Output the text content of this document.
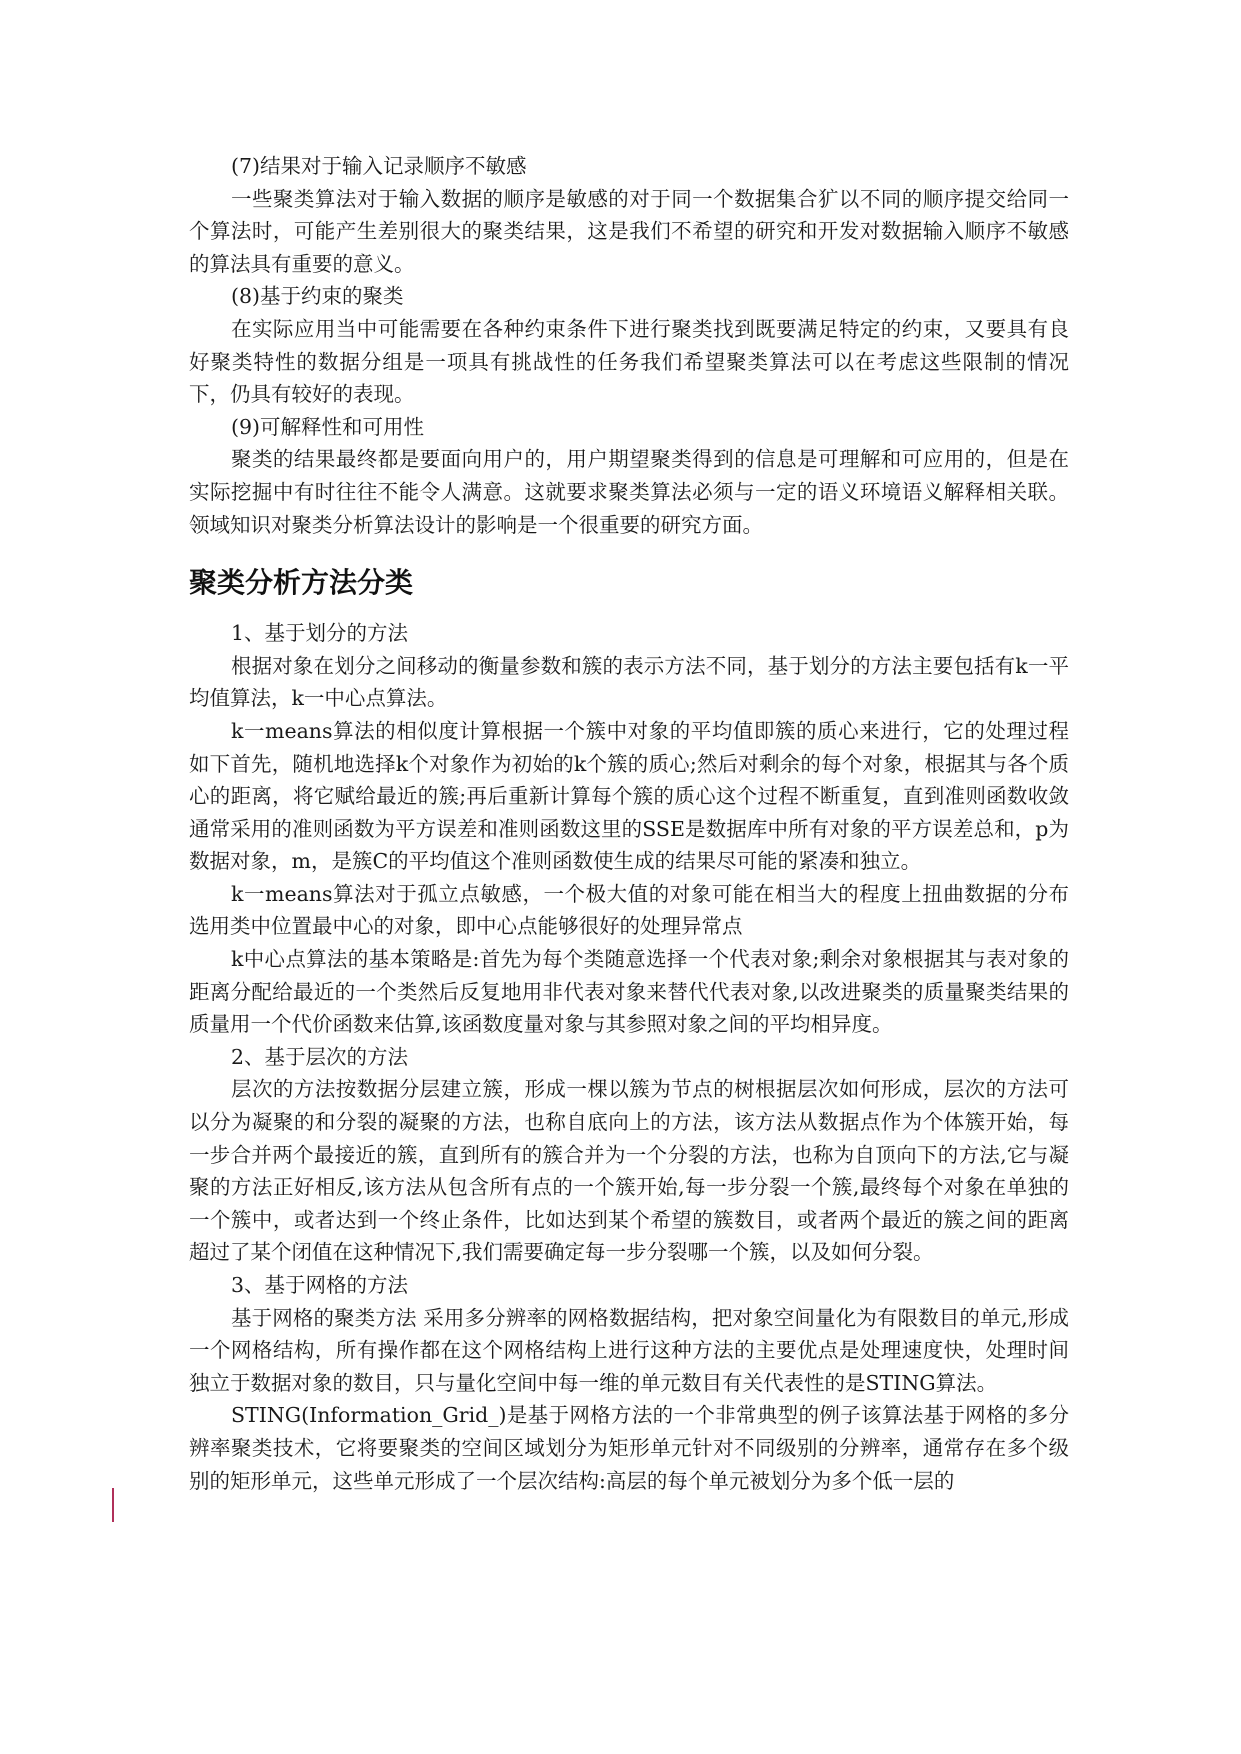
(7)结果对于输入记录顺序不敏感

一些聚类算法对于输入数据的顺序是敏感的对于同一个数据集合犷以不同的顺序提交给同一个算法时，可能产生差别很大的聚类结果，这是我们不希望的研究和开发对数据输入顺序不敏感的算法具有重要的意义。

(8)基于约束的聚类

在实际应用当中可能需要在各种约束条件下进行聚类找到既要满足特定的约束，又要具有良好聚类特性的数据分组是一项具有挑战性的任务我们希望聚类算法可以在考虑这些限制的情况下，仍具有较好的表现。

(9)可解释性和可用性

聚类的结果最终都是要面向用户的，用户期望聚类得到的信息是可理解和可应用的，但是在实际挖掘中有时往往不能令人满意。这就要求聚类算法必须与一定的语义环境语义解释相关联。领域知识对聚类分析算法设计的影响是一个很重要的研究方面。

聚类分析方法分类

1、基于划分的方法

根据对象在划分之间移动的衡量参数和簇的表示方法不同，基于划分的方法主要包括有k一平均值算法，k一中心点算法。

k一means算法的相似度计算根据一个簇中对象的平均值即簇的质心来进行，它的处理过程如下首先，随机地选择k个对象作为初始的k个簇的质心;然后对剩余的每个对象，根据其与各个质心的距离，将它赋给最近的簇;再后重新计算每个簇的质心这个过程不断重复，直到准则函数收敛通常采用的准则函数为平方误差和准则函数这里的SSE是数据库中所有对象的平方误差总和，p为数据对象，m，是簇C的平均值这个准则函数使生成的结果尽可能的紧凑和独立。

k一means算法对于孤立点敏感，一个极大值的对象可能在相当大的程度上扭曲数据的分布选用类中位置最中心的对象，即中心点能够很好的处理异常点

k中心点算法的基本策略是:首先为每个类随意选择一个代表对象;剩余对象根据其与表对象的距离分配给最近的一个类然后反复地用非代表对象来替代代表对象,以改进聚类的质量聚类结果的质量用一个代价函数来估算,该函数度量对象与其参照对象之间的平均相异度。

2、基于层次的方法

层次的方法按数据分层建立簇，形成一棵以簇为节点的树根据层次如何形成，层次的方法可以分为凝聚的和分裂的凝聚的方法，也称自底向上的方法，该方法从数据点作为个体簇开始，每一步合并两个最接近的簇，直到所有的簇合并为一个分裂的方法，也称为自顶向下的方法,它与凝聚的方法正好相反,该方法从包含所有点的一个簇开始,每一步分裂一个簇,最终每个对象在单独的一个簇中，或者达到一个终止条件，比如达到某个希望的簇数目，或者两个最近的簇之间的距离超过了某个闭值在这种情况下,我们需要确定每一步分裂哪一个簇，以及如何分裂。

3、基于网格的方法

基于网格的聚类方法 采用多分辨率的网格数据结构，把对象空间量化为有限数目的单元,形成一个网格结构，所有操作都在这个网格结构上进行这种方法的主要优点是处理速度快，处理时间独立于数据对象的数目，只与量化空间中每一维的单元数目有关代表性的是STING算法。

STING(Information_Grid_)是基于网格方法的一个非常典型的例子该算法基于网格的多分辨率聚类技术，它将要聚类的空间区域划分为矩形单元针对不同级别的分辨率，通常存在多个级别的矩形单元，这些单元形成了一个层次结构:高层的每个单元被划分为多个低一层的
